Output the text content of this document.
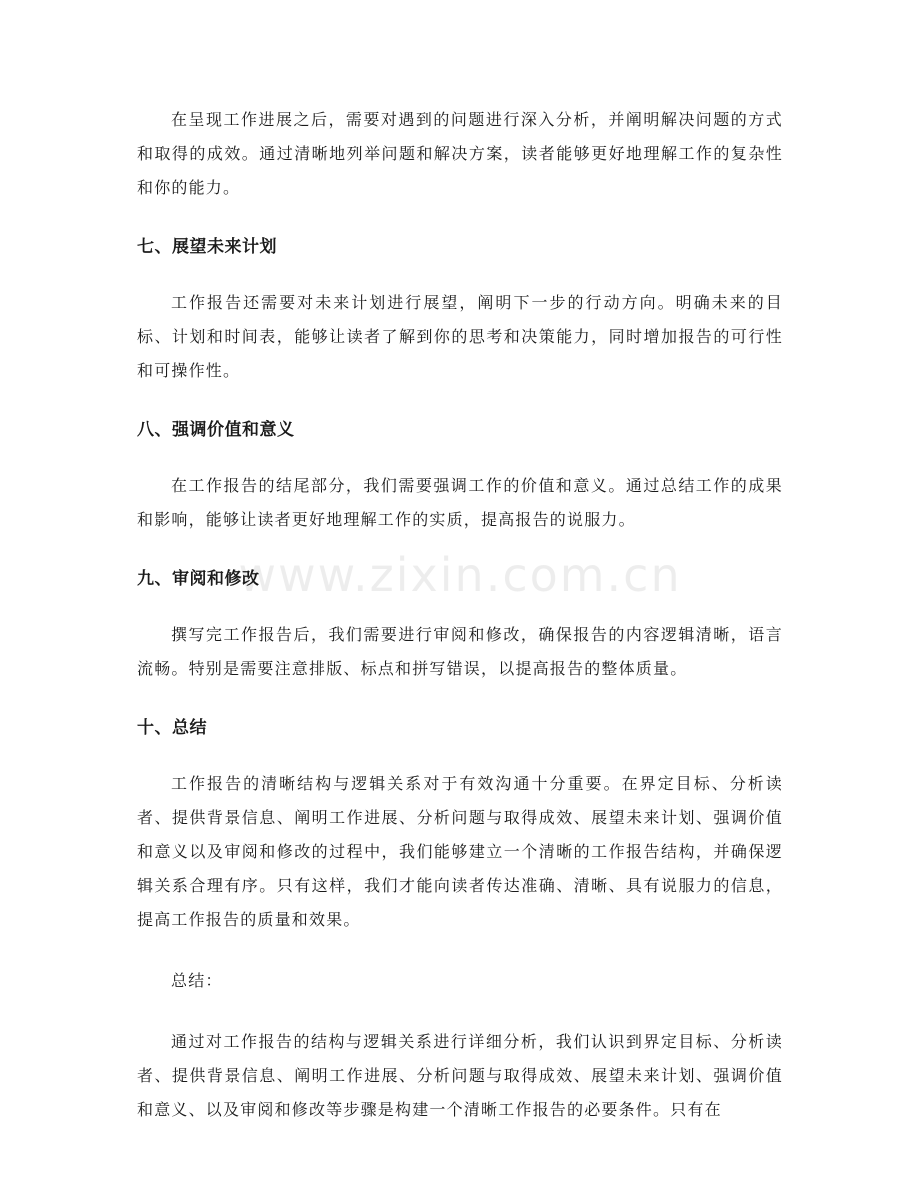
在呈现工作进展之后，需要对遇到的问题进行深入分析，并阐明解决问题的方式和取得的成效。通过清晰地列举问题和解决方案，读者能够更好地理解工作的复杂性和你的能力。

七、展望未来计划

工作报告还需要对未来计划进行展望，阐明下一步的行动方向。明确未来的目标、计划和时间表，能够让读者了解到你的思考和决策能力，同时增加报告的可行性和可操作性。

八、强调价值和意义

在工作报告的结尾部分，我们需要强调工作的价值和意义。通过总结工作的成果和影响，能够让读者更好地理解工作的实质，提高报告的说服力。

九、审阅和修改

撰写完工作报告后，我们需要进行审阅和修改，确保报告的内容逻辑清晰，语言流畅。特别是需要注意排版、标点和拼写错误，以提高报告的整体质量。

十、总结

工作报告的清晰结构与逻辑关系对于有效沟通十分重要。在界定目标、分析读者、提供背景信息、阐明工作进展、分析问题与取得成效、展望未来计划、强调价值和意义以及审阅和修改的过程中，我们能够建立一个清晰的工作报告结构，并确保逻辑关系合理有序。只有这样，我们才能向读者传达准确、清晰、具有说服力的信息，提高工作报告的质量和效果。

总结：

通过对工作报告的结构与逻辑关系进行详细分析，我们认识到界定目标、分析读者、提供背景信息、阐明工作进展、分析问题与取得成效、展望未来计划、强调价值和意义、以及审阅和修改等步骤是构建一个清晰工作报告的必要条件。只有在

www.zixin.com.cn
